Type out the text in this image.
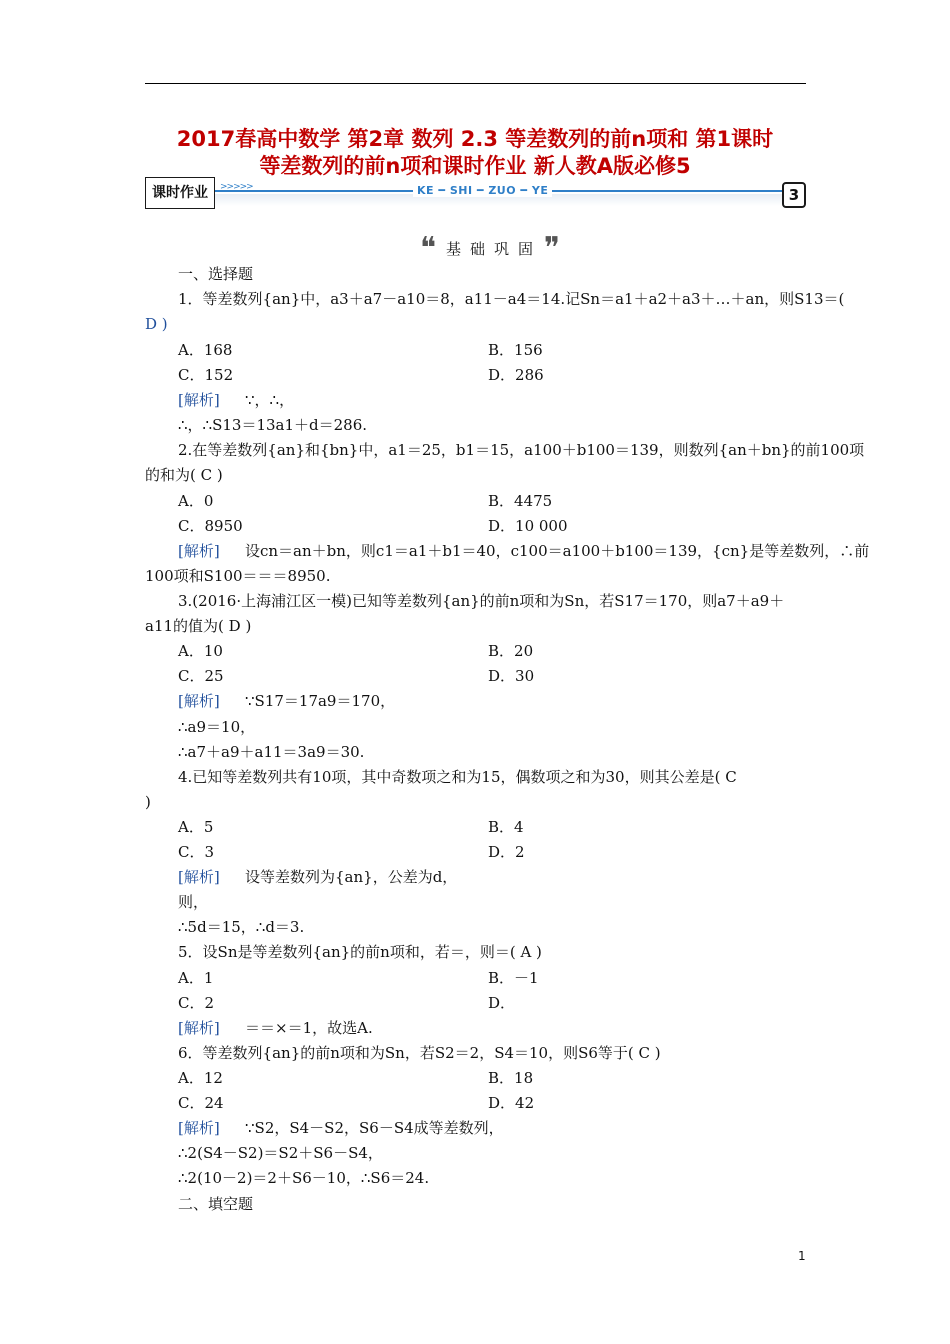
2017春高中数学 第2章 数列 2.3 等差数列的前n项和 第1课时
等差数列的前n项和课时作业 新人教A版必修5
课时作业	>>>>>	KE ━ SHI ━ ZUO ━ YE	3
❝ 基础巩固 ❞
一、选择题
1．等差数列{an}中，a3＋a7－a10＝8，a11－a4＝14.记Sn＝a1＋a2＋a3＋…＋an，则S13＝(
D )
A．168	B．156
C．152	D．286
[解析] ∵，∴，
∴，∴S13＝13a1＋d＝286.
2.在等差数列{an}和{bn}中，a1＝25，b1＝15，a100＋b100＝139，则数列{an＋bn}的前100项
的和为( C )
A．0	B．4475
C．8950	D．10 000
[解析] 设cn＝an＋bn，则c1＝a1＋b1＝40，c100＝a100＋b100＝139，{cn}是等差数列，∴前
100项和S100＝＝＝8950.
3.(2016·上海浦江区一模)已知等差数列{an}的前n项和为Sn，若S17＝170，则a7＋a9＋
a11的值为( D )
A．10	B．20
C．25	D．30
[解析] ∵S17＝17a9＝170，
∴a9＝10，
∴a7＋a9＋a11＝3a9＝30.
4.已知等差数列共有10项，其中奇数项之和为15，偶数项之和为30，则其公差是( C
)
A．5	B．4
C．3	D．2
[解析] 设等差数列为{an}，公差为d，
则，
∴5d＝15，∴d＝3.
5．设Sn是等差数列{an}的前n项和，若＝，则＝( A )
A．1	B．－1
C．2	D．
[解析] ＝＝×＝1，故选A.
6．等差数列{an}的前n项和为Sn，若S2＝2，S4＝10，则S6等于( C )
A．12	B．18
C．24	D．42
[解析] ∵S2，S4－S2，S6－S4成等差数列，
∴2(S4－S2)＝S2＋S6－S4，
∴2(10－2)＝2＋S6－10，∴S6＝24.
二、填空题
1
